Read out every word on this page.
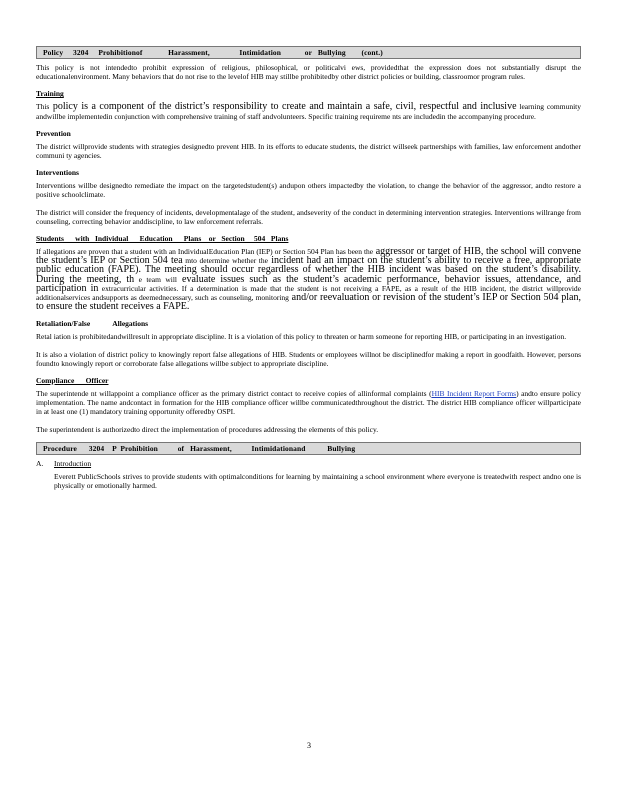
Policy     3204     Prohibitionof             Harassment,               Intimidation            or   Bullying        (cont.)

This policy is not intendedto prohibit expression of religious, philosophical, or politicalvi ews, providedthat the expression does not substantially disrupt the educationalenvironment. Many behaviors that do not rise to the levelof HIB may stillbe prohibitedby other district policies or building, classroomor program rules.

Training

This policy is a component of the district’s responsibility to create and maintain a safe, civil, respectful and inclusive learning community andwillbe implementedin conjunction with comprehensive training of staff andvolunteers. Specific training requireme nts are includedin the accompanying procedure.

Prevention

The district willprovide students with strategies designedto prevent HIB. In its efforts to educate students, the district willseek partnerships with families, law enforcement andother communi ty agencies.

Interventions

Interventions willbe designedto remediate the impact on the targetedstudent(s) andupon others impactedby the violation, to change the behavior of the aggressor, andto restore a positive schoolclimate.

The district will consider the frequency of incidents, developmentalage of the student, andseverity of the conduct in determining intervention strategies. Interventions willrange from counseling, correcting behavior anddiscipline, to law enforcement referrals.

Students      with   Individual      Education      Plans    or   Section     504   Plans

If allegations are proven that a student with an IndividualEducation Plan (IEP) or Section 504 Plan has been the aggressor or target of HIB, the school will convene the student’s IEP or Section 504 tea mto determine whether the incident had an impact on the student’s ability to receive a free, appropriate public education (FAPE). The meeting should occur regardless of whether the HIB incident was based on the student’s disability. During the meeting, th e team will evaluate issues such as the student’s academic performance, behavior issues, attendance, and participation in extracurricular activities. If a determination is made that the student is not receiving a FAPE, as a result of the HIB incident, the district willprovide additionalservices andsupports as deemednecessary, such as counseling, monitoring and/or reevaluation or revision of the student’s IEP or Section 504 plan, to ensure the student receives a FAPE.

Retaliation/False            Allegations

Retal iation is prohibitedandwillresult in appropriate discipline. It is a violation of this policy to threaten or harm someone for reporting HIB, or participating in an investigation.

It is also a violation of district policy to knowingly report false allegations of HIB. Students or employees willnot be disciplinedfor making a report in goodfaith. However, persons foundto knowingly report or corroborate false allegations willbe subject to appropriate discipline.

Compliance      Officer

The superintende nt willappoint a compliance officer as the primary district contact to receive copies of allinformal complaints (HIB Incident Report Forms) andto ensure policy implementation. The name andcontact in formation for the HIB compliance officer willbe communicatedthroughout the district. The district HIB compliance officer willparticipate in at least one (1) mandatory training opportunity offeredby OSPI.

The superintendent is authorizedto direct the implementation of procedures addressing the elements of this policy.

Procedure      3204    P  Prohibition          of   Harassment,          Intimidationand           Bullying

A. Introduction

Everett PublicSchools strives to provide students with optimalconditions for learning by maintaining a school environment where everyone is treatedwith respect andno one is physically or emotionally harmed.

3
